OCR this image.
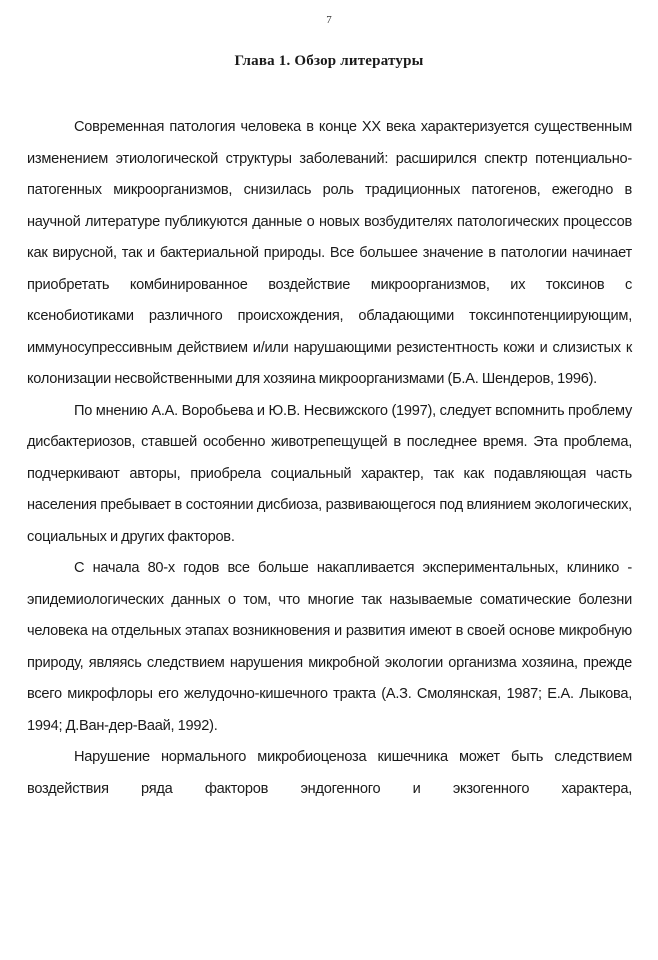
7
Глава 1. Обзор литературы

Современная патология человека в конце XX века характеризуется существенным изменением этиологической структуры заболеваний: расширился спектр потенциально-патогенных микроорганизмов, снизилась роль традиционных патогенов, ежегодно в научной литературе публикуются данные о новых возбудителях патологических процессов как вирусной, так и бактериальной природы. Все большее значение в патологии начинает приобретать комбинированное воздействие микроорганизмов, их токсинов с ксенобиотиками различного происхождения, обладающими токсинпотенциирующим, иммуносупрессивным действием и/или нарушающими резистентность кожи и слизистых к колонизации несвойственными для хозяина микроорганизмами (Б.А. Шендеров, 1996).

По мнению А.А. Воробьева и Ю.В. Несвижского (1997), следует вспомнить проблему дисбактериозов, ставшей особенно животрепещущей в последнее время. Эта проблема, подчеркивают авторы, приобрела социальный характер, так как подавляющая часть населения пребывает в состоянии дисбиоза, развивающегося под влиянием экологических, социальных и других факторов.

С начала 80-х годов все больше накапливается экспериментальных, клинико - эпидемиологических данных о том, что многие так называемые соматические болезни человека на отдельных этапах возникновения и развития имеют в своей основе микробную природу, являясь следствием нарушения микробной экологии организма хозяина, прежде всего микрофлоры его желудочно-кишечного тракта (А.З. Смолянская, 1987; Е.А. Лыкова, 1994; Д.Ван-дер-Ваай, 1992).

Нарушение нормального микробиоценоза кишечника может быть следствием воздействия ряда факторов эндогенного и экзогенного характера,
